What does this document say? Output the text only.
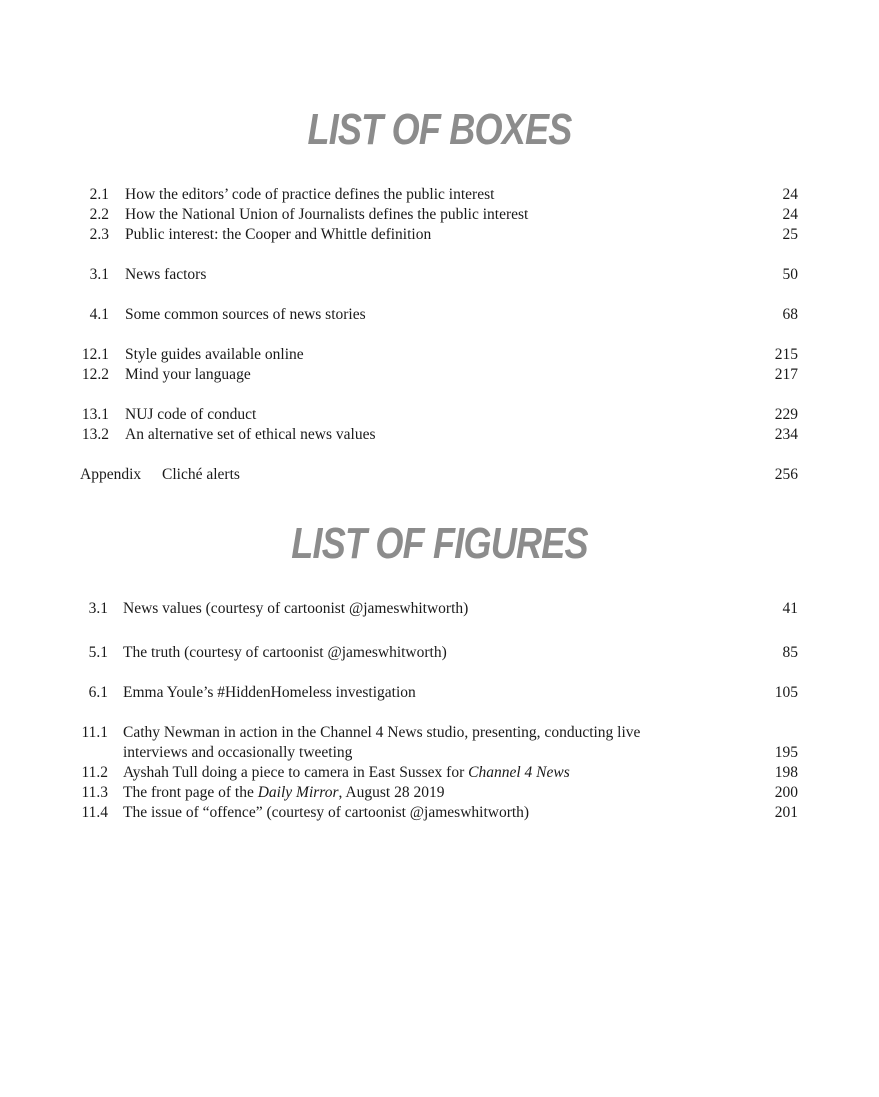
LIST OF BOXES
2.1 How the editors’ code of practice defines the public interest	24
2.2 How the National Union of Journalists defines the public interest	24
2.3 Public interest: the Cooper and Whittle definition	25
3.1 News factors	50
4.1 Some common sources of news stories	68
12.1 Style guides available online	215
12.2 Mind your language	217
13.1 NUJ code of conduct	229
13.2 An alternative set of ethical news values	234
Appendix Cliché alerts	256
LIST OF FIGURES
3.1 News values (courtesy of cartoonist @jameswhitworth)	41
5.1 The truth (courtesy of cartoonist @jameswhitworth)	85
6.1 Emma Youle’s #HiddenHomeless investigation	105
11.1 Cathy Newman in action in the Channel 4 News studio, presenting, conducting live
interviews and occasionally tweeting	195
11.2 Ayshah Tull doing a piece to camera in East Sussex for Channel 4 News	198
11.3 The front page of the Daily Mirror, August 28 2019	200
11.4 The issue of “offence” (courtesy of cartoonist @jameswhitworth)	201
